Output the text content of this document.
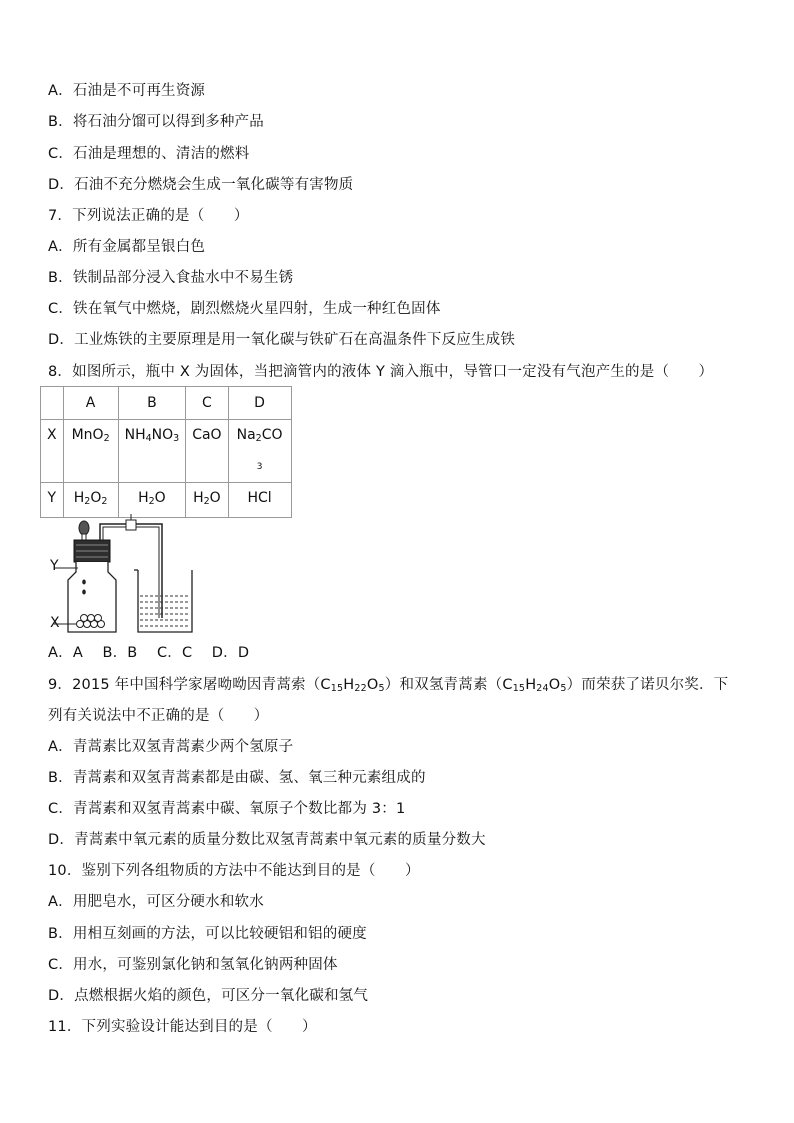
A．石油是不可再生资源
B．将石油分馏可以得到多种产品
C．石油是理想的、清洁的燃料
D．石油不充分燃烧会生成一氧化碳等有害物质
7．下列说法正确的是（　　）
A．所有金属都呈银白色
B．铁制品部分浸入食盐水中不易生锈
C．铁在氧气中燃烧，剧烈燃烧火星四射，生成一种红色固体
D．工业炼铁的主要原理是用一氧化碳与铁矿石在高温条件下反应生成铁
8．如图所示，瓶中 X 为固体，当把滴管内的液体 Y 滴入瓶中，导管口一定没有气泡产生的是（　　）
	A	B	C	D
X	MnO$_2$	$NH_4NO_3$	CaO	$Na_2CO$
3

Y	$H_2O_2$	$H_2O$	$H_2O$	HCl
Y
X
A．A　 B．B　 C．C　 D．D
9．2015 年中国科学家屠呦呦因青蒿索$(C_{15}H_{22}O_5)$和双氢青蒿素$(C_{15}H_{24}O_5)$而荣获了诺贝尔奖．下
列有关说法中不正确的是（　　）
A．青蒿素比双氢青蒿素少两个氢原子
B．青蒿素和双氢青蒿素都是由碳、氢、氧三种元素组成的
C．青蒿素和双氢青蒿素中碳、氧原子个数比都为 3：1
D．青蒿素中氧元素的质量分数比双氢青蒿素中氧元素的质量分数大
10．鉴别下列各组物质的方法中不能达到目的是（　　）
A．用肥皂水，可区分硬水和软水
B．用相互刻画的方法，可以比较硬铝和铝的硬度
C．用水，可鉴别氯化钠和氢氧化钠两种固体
D．点燃根据火焰的颜色，可区分一氧化碳和氢气
11．下列实验设计能达到目的是（　　）
